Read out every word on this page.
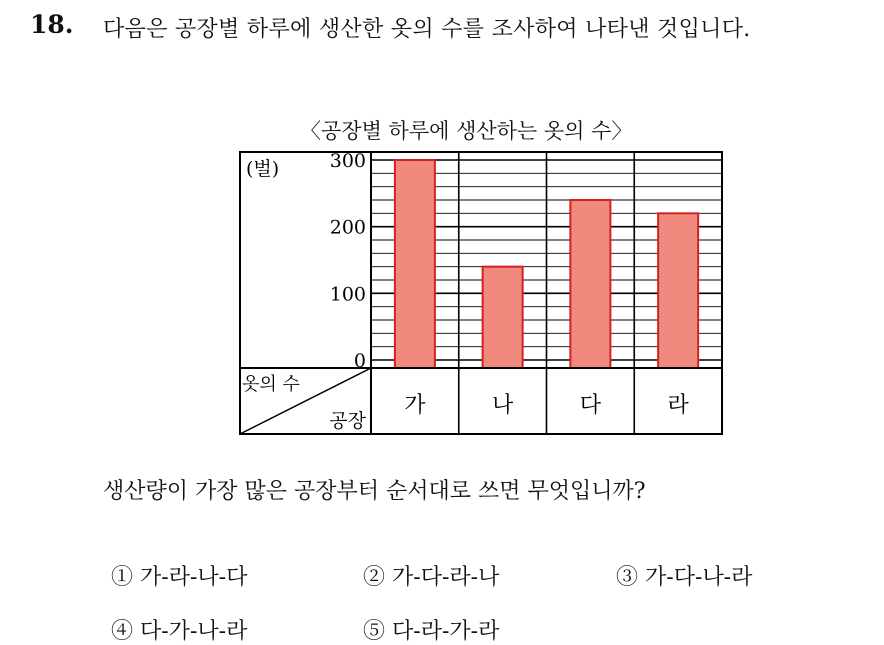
18. 다음은 공장별 하루에 생산한 옷의 수를 조사하여 나타낸 것입니다.
〈공장별 하루에 생산하는 옷의 수〉
(벌)
0
100
200
300
옷의 수
공장
가	나	다	라
생산량이 가장 많은 공장부터 순서대로 쓰면 무엇입니까?
① 가-라-나-다	② 가-다-라-나	③ 가-다-나-라
④ 다-가-나-라	⑤ 다-라-가-라
